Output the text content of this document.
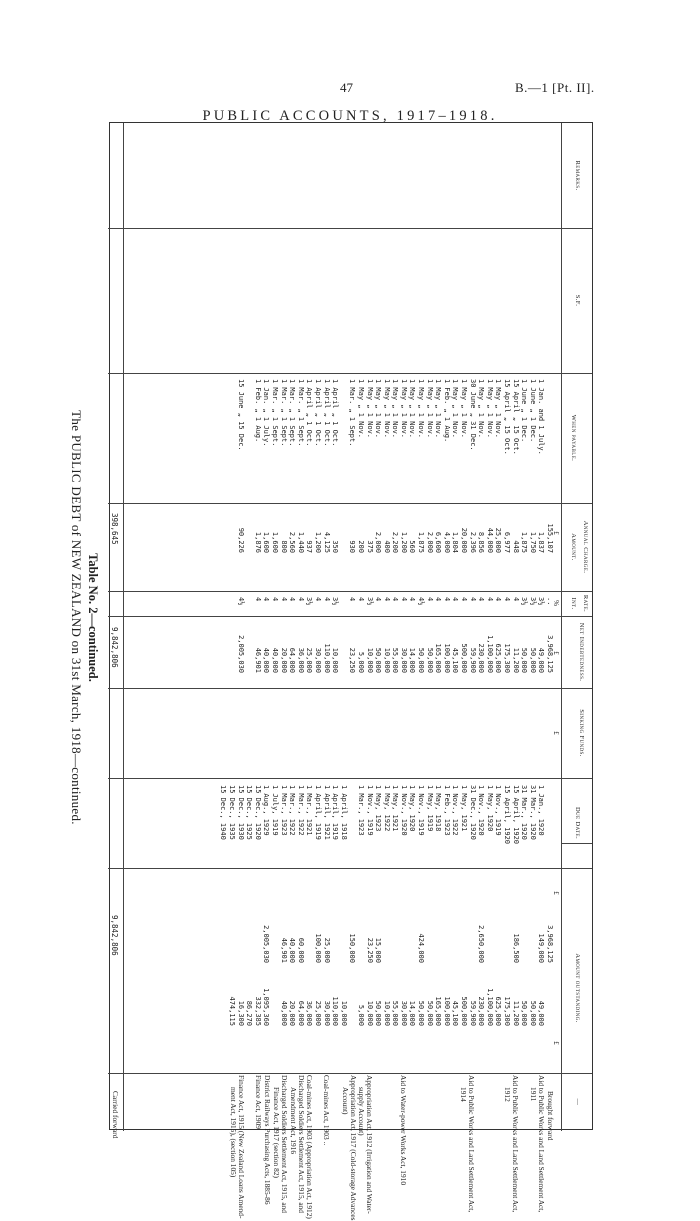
47	B.—1 [Pt. II].
PUBLIC ACCOUNTS, 1917–1918.
Table No. 2—continued.
The PUBLIC DEBT of NEW ZEALAND on 31st March, 1918—continued.
—
Amount outstanding.
Due Date.
Sinking Funds.
Net Indebtedness.
Rate.
Int.
Annual Charge.
Amount.
When payable.
S.F.
Remarks.
£
£
£
£
%
£
Brought forward
Aid to Public Works and Land Settlement Act,
1911
Aid to Public Works and Land Settlement Act,
1912
Aid to Public Works and Land Settlement Act,
1914
Aid to Water-power Works Act, 1910
Appropriation Act, 1912 (Irrigation and Water-
supply Account)
Appropriation Act, 1917 (Cold-storage Advances
Account)
Coal-mines Act, 1903 ..
Coal-mines Act, 1903 (Appropriation Act, 1912)
Discharged Soldiers Settlement Act, 1915, and
Amendment Act, 1916
Discharged Soldiers Settlement Act, 1915, and
Finance Act, 1917 (section 82)
District Railways Purchasing Acts, 1885-86
Finance Act, 1909
Finance Act, 1915 (New Zealand Loans Amend-
ment Act, 1915), (section 105)
Carried forward

49,000
50,000
50,000
11,200
175,300
625,000
1,100,000
230,000
59,900
500,000
45,100
100,000
165,000
50,000
50,000
14,000
30,000
55,000
10,000
50,000
10,000
5,000

10,000
110,000
30,000
25,000
36,000
64,000
20,000
40,000

1,095,360
332,385
86,270
16,300
474,115
3,968,125
149,000

186,500

2,650,000

424,000

15,000
23,250

150,000

25,000
100,000

60,000
40,000
46,901

2,005,030

1 Jan., 1920
31 Mar., 1920
31 Mar., 1920
15 April, 1920
15 April, 1920
1 Nov., 1919
1 May, 1920
1 Nov., 1920
31 Dec., 1920
1 May, 1921
1 Nov., 1922
1 Feb., 1923
1 May, 1918
1 May, 1919
1 Nov., 1919
1 May, 1920
1 Nov., 1920
1 May, 1921
1 May, 1922
1 May, 1923
1 Nov., 1919
1 Mar., 1923

1 April, 1918
1 April, 1919
1 April, 1921
1 April, 1919
1 Mar., 1921
1 Mar., 1922
1 Mar., 1922
1 Mar., 1923
1 July, 1919
1 Aug., 1929
15 Dec., 1920
15 Dec., 1925
15 Dec., 1930
15 Dec., 1935
15 Dec., 1940
3,968,125
49,000
50,000
50,000
11,200
175,300
625,000
1,100,000
230,000
59,900
500,000
45,100
100,000
165,000
50,000
50,000
14,000
30,000
55,000
10,000
50,000
10,000
5,000
23,250

10,000
110,000
30,000
25,000
36,000
64,000
20,000
40,000
40,000
46,901

2,005,030
..
3½
3½
3½
4
4
4
4
4
4
4
4
4
4
4
4½
4
4
4
4
4
3½
4
4

3½
4
4
3½
4
4
4
4
4
4

4½
155,107
1,837
1,750
1,875
448
6,977
25,000
44,000
8,856
2,396
20,000
1,804
4,000
6,600
2,000
1,875
560
1,200
2,200
400
2,000
375
200
930

350
4,125
1,200
937
1,440
2,560
800
1,600
1,600
1,876

90,226

1 Jan. and 1 July.
1 June „ 1 Dec.
1 June „ 1 Dec.
15 April „ 15 Oct.
15 April „ 15 Oct.
1 May „ 1 Nov.
1 May „ 1 Nov.
1 May „ 1 Nov.
30 June „ 31 Dec.
1 May „ 1 Nov.
1 May „ 1 Nov.
1 Feb. „ 1 Aug.
1 May „ 1 Nov.
1 May „ 1 Nov.
1 May „ 1 Nov.
1 May „ 1 Nov.
1 May „ 1 Nov.
1 May „ 1 Nov.
1 May „ 1 Nov.
1 May „ 1 Nov.
1 May „ 1 Nov.
1 May „ 1 Nov.
1 Mar. „ 1 Sept.

1 April „ 1 Oct.
1 April „ 1 Oct.
1 April „ 1 Oct.
1 April „ 1 Oct.
1 Mar. „ 1 Sept.
1 Mar. „ 1 Sept.
1 Mar. „ 1 Sept.
1 Mar. „ 1 Sept.
1 Jan. „ 1 July.
1 Feb. „ 1 Aug.

15 June „ 15 Dec.
9,842,806
9,842,806
398,645
